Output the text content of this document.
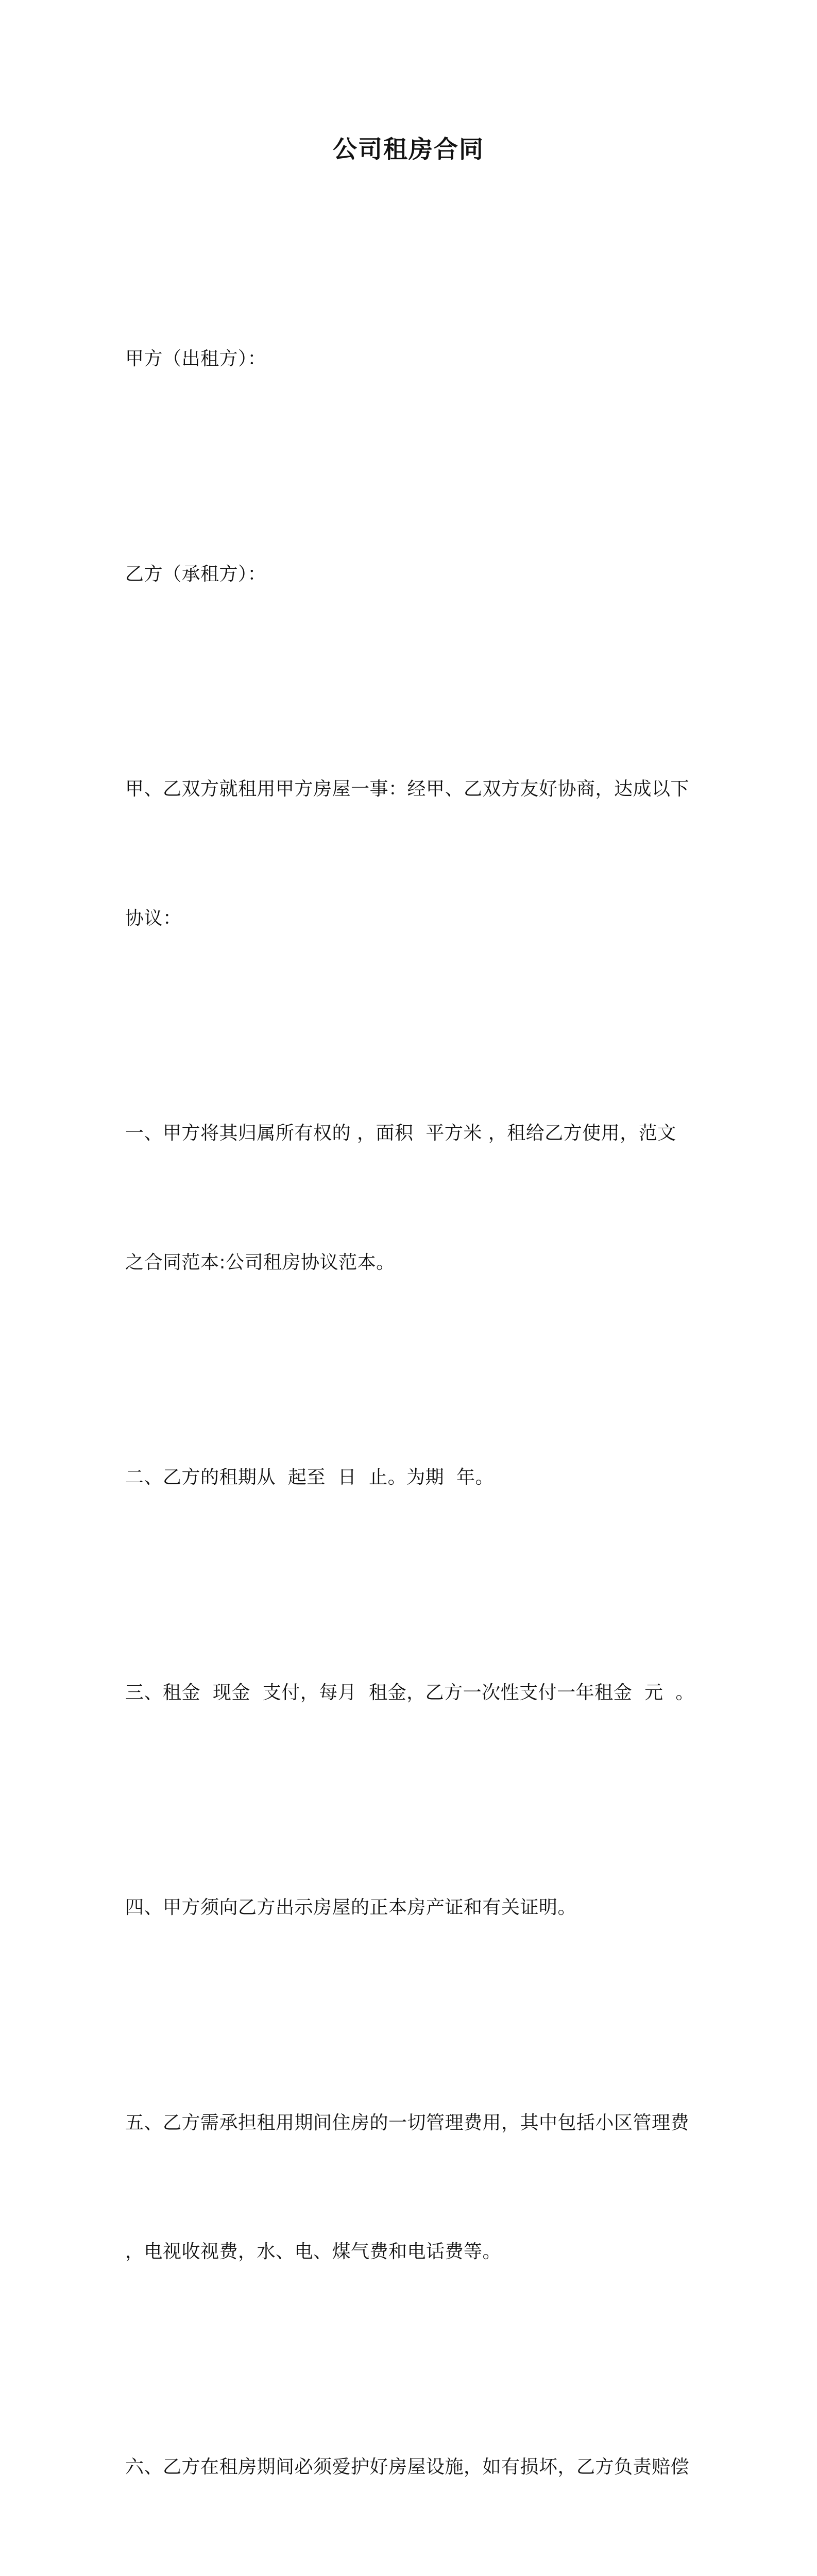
公司租房合同

甲方（出租方）：

乙方（承租方）：

甲、乙双方就租用甲方房屋一事：经甲、乙双方友好协商，达成以下

协议：

一、甲方将其归属所有权的 ，面积  平方米 ，租给乙方使用，范文

之合同范本:公司租房协议范本。

二、乙方的租期从  起至  日  止。为期  年。

三、租金  现金  支付，每月  租金，乙方一次性支付一年租金  元  。

四、甲方须向乙方出示房屋的正本房产证和有关证明。

五、乙方需承担租用期间住房的一切管理费用，其中包括小区管理费

，电视收视费，水、电、煤气费和电话费等。

六、乙方在租房期间必须爱护好房屋设施，如有损坏，乙方负责赔偿
